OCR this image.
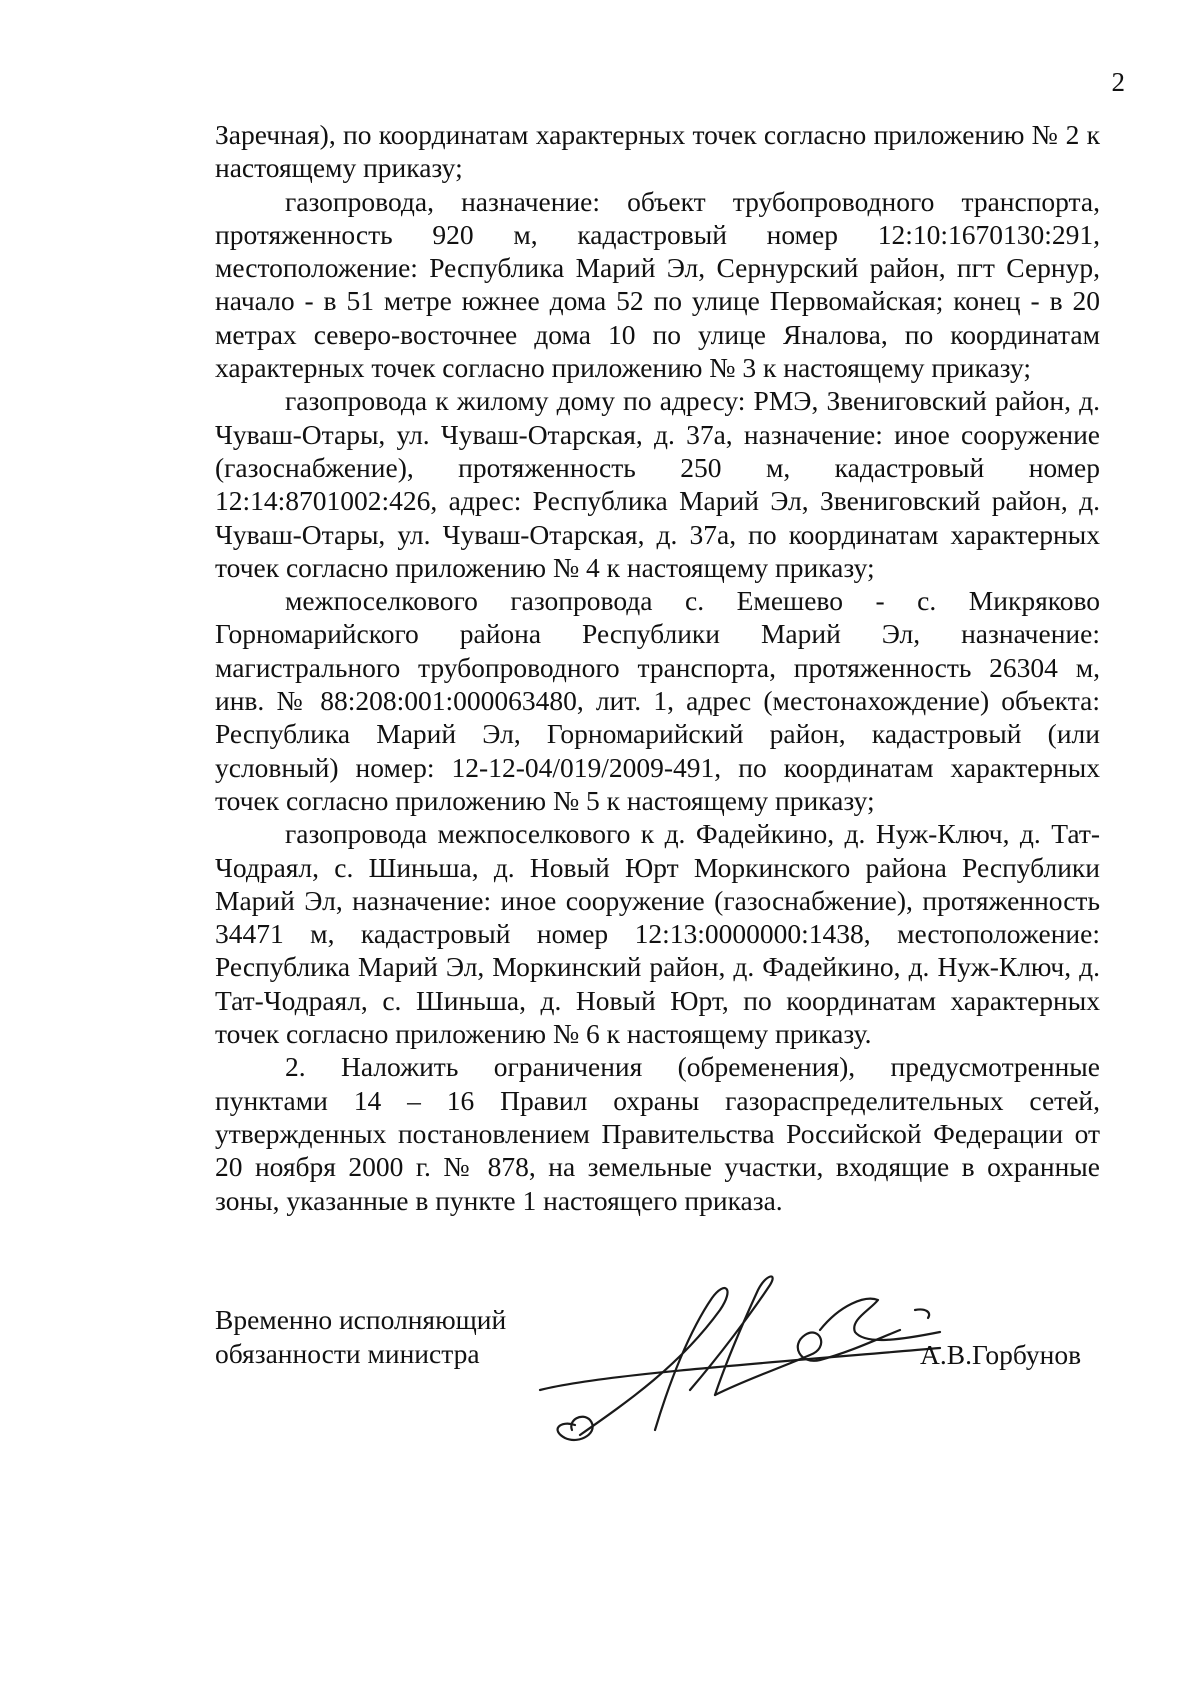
2

Заречная), по координатам характерных точек согласно приложению № 2 к настоящему приказу;

газопровода, назначение: объект трубопроводного транспорта, протяженность 920 м, кадастровый номер 12:10:1670130:291, местоположение: Республика Марий Эл, Сернурский район, пгт Сернур, начало - в 51 метре южнее дома 52 по улице Первомайская; конец - в 20 метрах северо-восточнее дома 10 по улице Яналова, по координатам характерных точек согласно приложению № 3 к настоящему приказу;

газопровода к жилому дому по адресу: РМЭ, Звениговский район, д. Чуваш-Отары, ул. Чуваш-Отарская, д. 37а, назначение: иное сооружение (газоснабжение), протяженность 250 м, кадастровый номер 12:14:8701002:426, адрес: Республика Марий Эл, Звениговский район, д. Чуваш-Отары, ул. Чуваш-Отарская, д. 37а, по координатам характерных точек согласно приложению № 4 к настоящему приказу;

межпоселкового газопровода с. Емешево - с. Микряково Горномарийского района Республики Марий Эл, назначение: магистрального трубопроводного транспорта, протяженность 26304 м, инв. № 88:208:001:000063480, лит. 1, адрес (местонахождение) объекта: Республика Марий Эл, Горномарийский район, кадастровый (или условный) номер: 12-12-04/019/2009-491, по координатам характерных точек согласно приложению № 5 к настоящему приказу;

газопровода межпоселкового к д. Фадейкино, д. Нуж-Ключ, д. Тат-Чодраял, с. Шиньша, д. Новый Юрт Моркинского района Республики Марий Эл, назначение: иное сооружение (газоснабжение), протяженность 34471 м, кадастровый номер 12:13:0000000:1438, местоположение: Республика Марий Эл, Моркинский район, д. Фадейкино, д. Нуж-Ключ, д. Тат-Чодраял, с. Шиньша, д. Новый Юрт, по координатам характерных точек согласно приложению № 6 к настоящему приказу.

2. Наложить ограничения (обременения), предусмотренные пунктами 14 – 16 Правил охраны газораспределительных сетей, утвержденных постановлением Правительства Российской Федерации от 20 ноября 2000 г. № 878, на земельные участки, входящие в охранные зоны, указанные в пункте 1 настоящего приказа.

Временно исполняющий
обязанности министра	А.В.Горбунов
